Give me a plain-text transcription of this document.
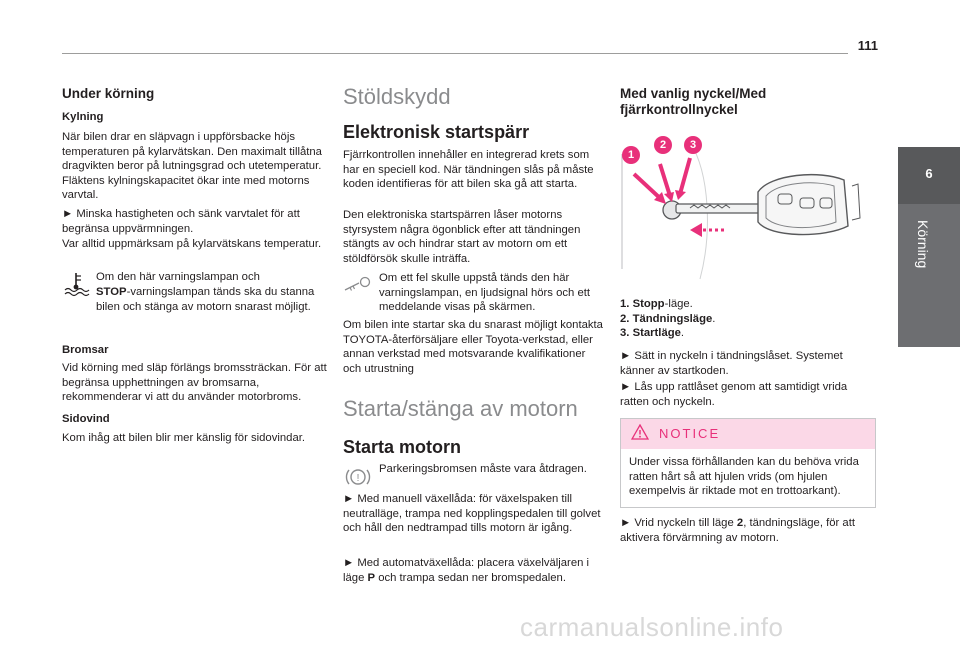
111
6
Körning
Under körning
Kylning

När bilen drar en släpvagn i uppförsbacke höjs temperaturen på kylarvätskan. Den maximalt tillåtna dragvikten beror på lutningsgrad och utetemperatur. Fläktens kylningskapacitet ökar inte med motorns varvtal.

► Minska hastigheten och sänk varvtalet för att begränsa uppvärmningen.

Var alltid uppmärksam på kylarvätskans temperatur.

Om den här varningslampan och

STOP-varningslampan tänds ska du stanna bilen och stänga av motorn snarast möjligt.

Bromsar

Vid körning med släp förlängs bromssträckan. För att begränsa upphettningen av bromsarna, rekommenderar vi att du använder motorbroms.

Sidovind

Kom ihåg att bilen blir mer känslig för sidovindar.

Stöldskydd
Elektronisk startspärr

Fjärrkontrollen innehåller en integrerad krets som har en speciell kod. När tändningen slås på måste koden identifieras för att bilen ska gå att starta.

Den elektroniska startspärren låser motorns styrsystem några ögonblick efter att tändningen stängts av och hindrar start av motorn om ett stöldförsök skulle inträffa.

Om ett fel skulle uppstå tänds den här varningslampan, en ljudsignal hörs och ett meddelande visas på skärmen.

Om bilen inte startar ska du snarast möjligt kontakta TOYOTA-återförsäljare eller Toyota-verkstad, eller annan verkstad med motsvarande kvalifikationer och utrustning

Starta/stänga av motorn
Starta motorn
!

Parkeringsbromsen måste vara åtdragen.

► Med manuell växellåda: för växelspaken till neutralläge, trampa ned kopplingspedalen till golvet och håll den nedtrampad tills motorn är igång.

► Med automatväxellåda: placera växelväljaren i läge P och trampa sedan ner bromspedalen.

Med vanlig nyckel/Med fjärrkontrollnyckel
1
2	3
1. Stopp-läge.
2. Tändningsläge.
3. Startläge.

► Sätt in nyckeln i tändningslåset. Systemet känner av startkoden.

► Lås upp rattlåset genom att samtidigt vrida ratten och nyckeln.

NOTICE

Under vissa förhållanden kan du behöva vrida ratten hårt så att hjulen vrids (om hjulen exempelvis är riktade mot en trottoarkant).

► Vrid nyckeln till läge 2, tändningsläge, för att aktivera förvärmning av motorn.

carmanualsonline.info
